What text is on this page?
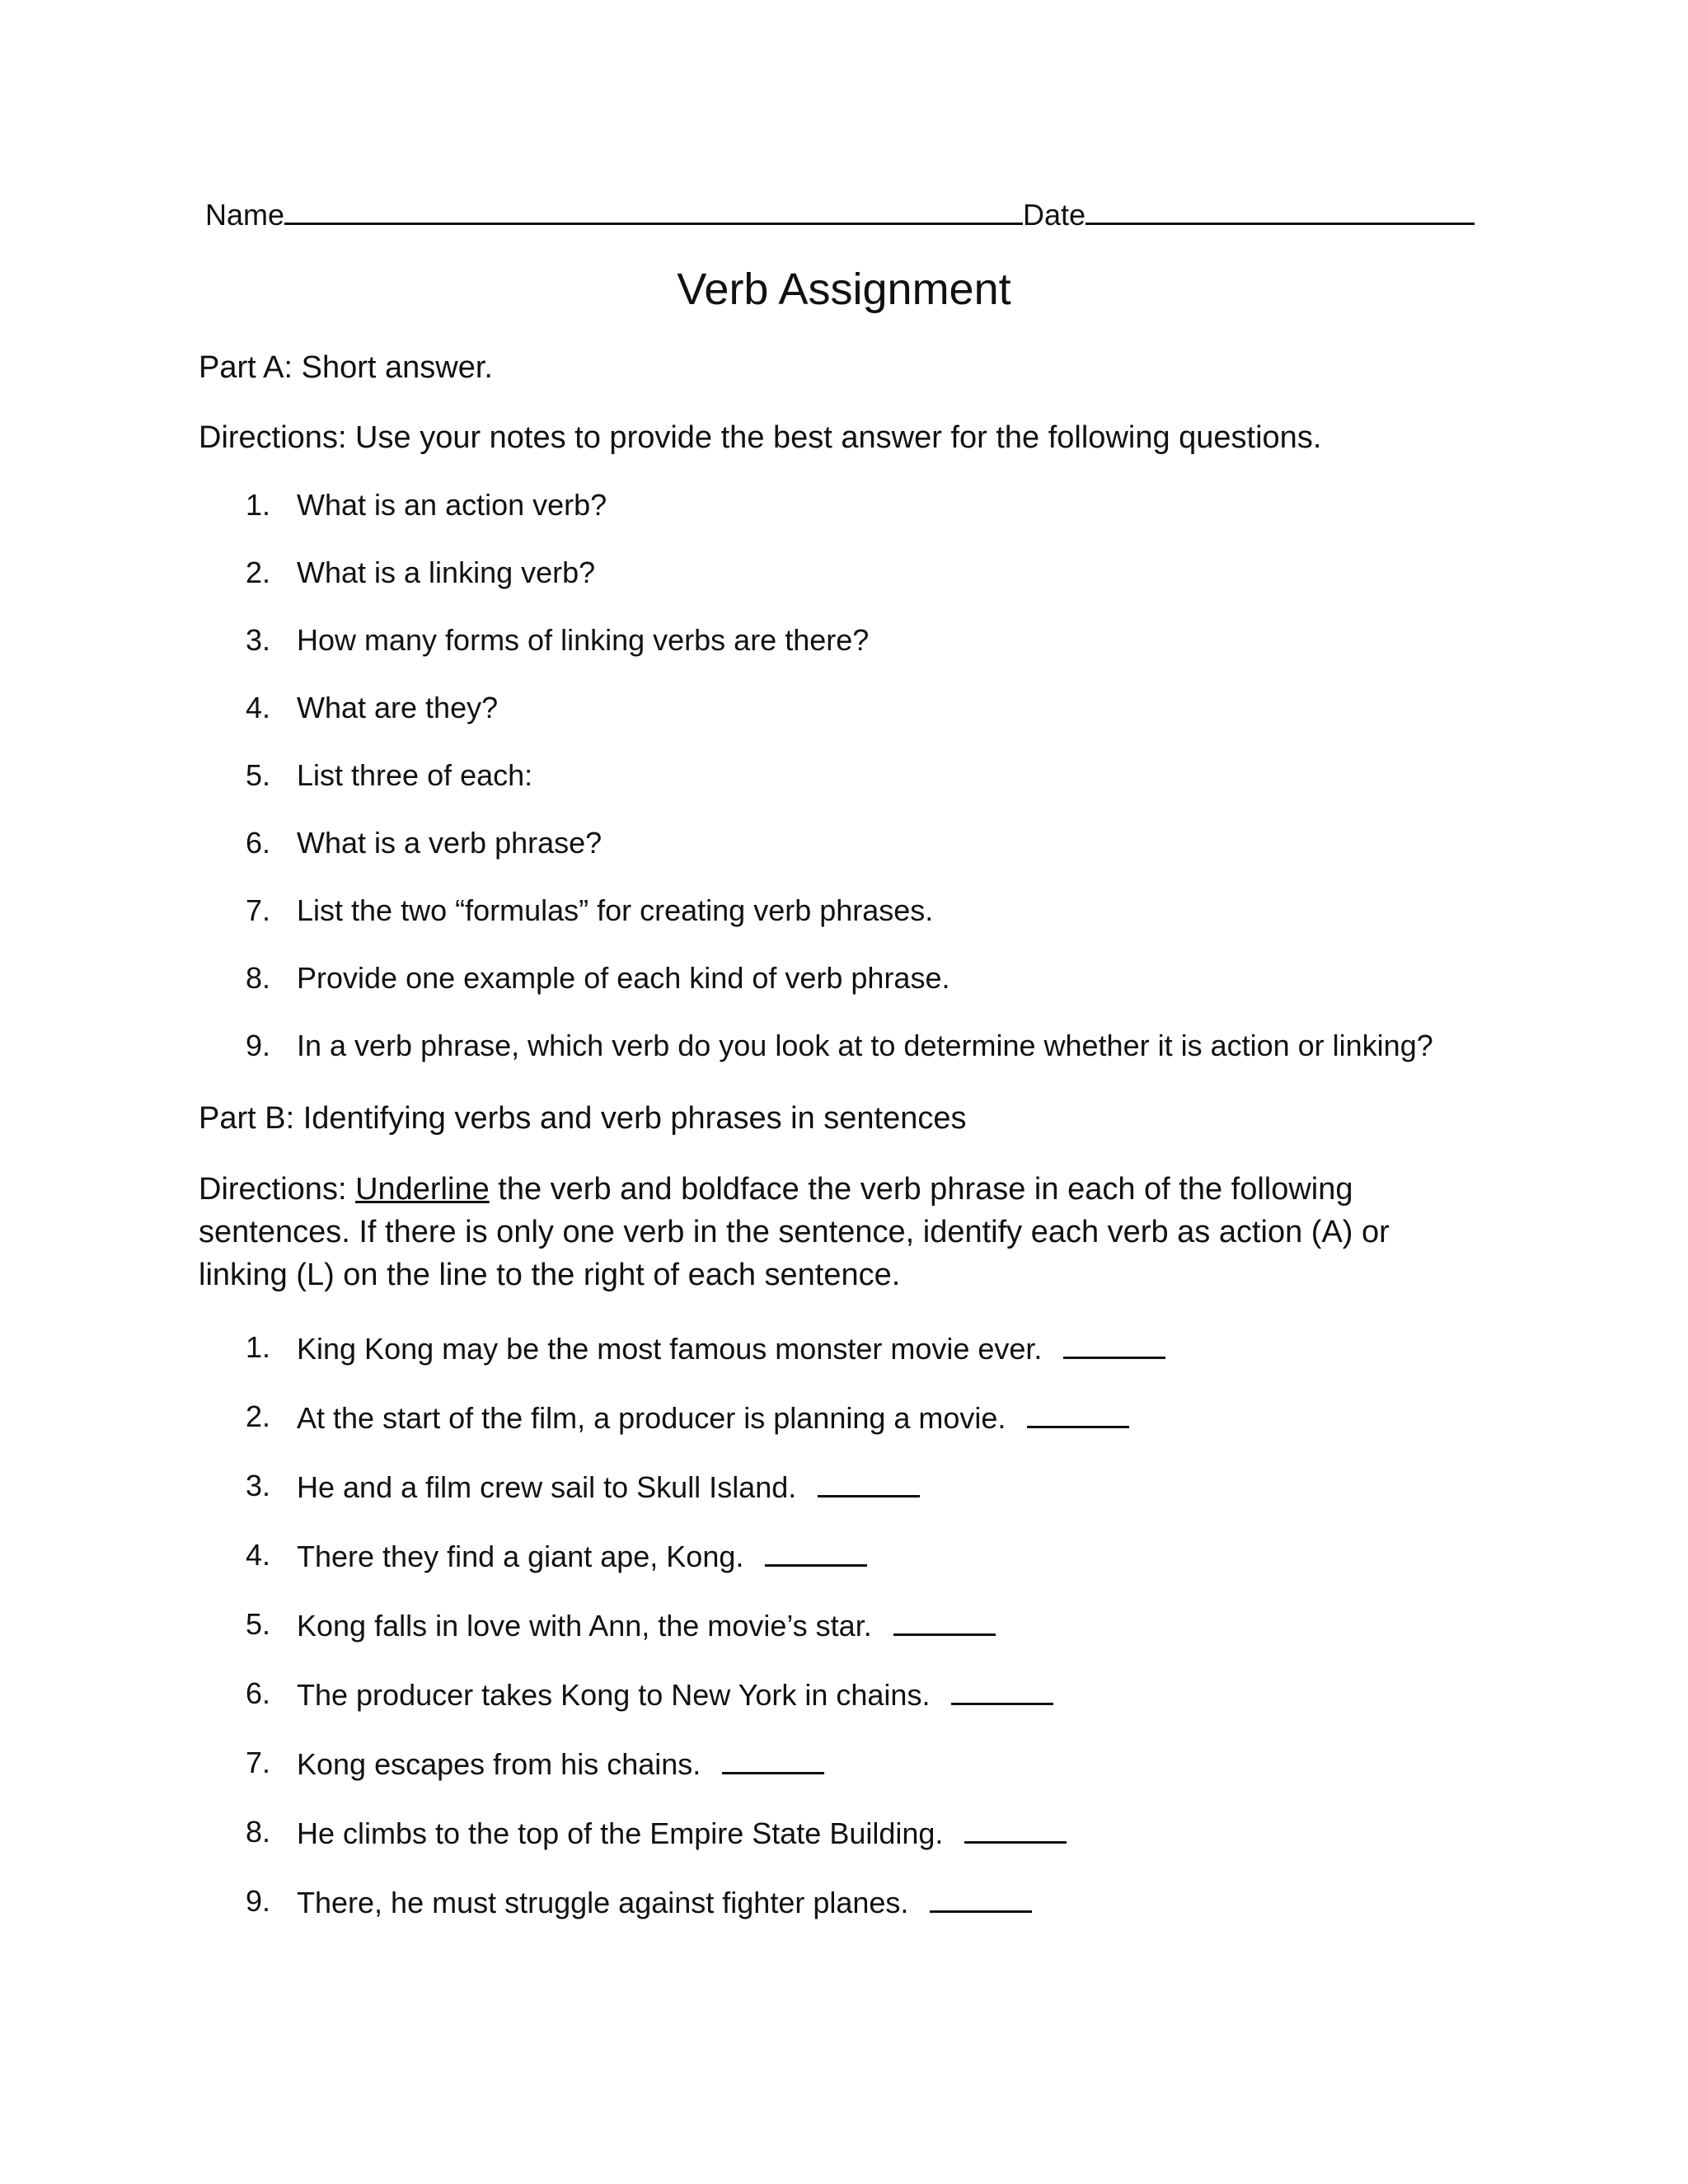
Name	Date
Verb Assignment
Part A: Short answer.
Directions: Use your notes to provide the best answer for the following questions.
1. What is an action verb?
2. What is a linking verb?
3. How many forms of linking verbs are there?
4. What are they?
5. List three of each:
6. What is a verb phrase?
7. List the two “formulas” for creating verb phrases.
8. Provide one example of each kind of verb phrase.
9. In a verb phrase, which verb do you look at to determine whether it is action or linking?
Part B: Identifying verbs and verb phrases in sentences
Directions: Underline the verb and boldface the verb phrase in each of the following sentences. If there is only one verb in the sentence, identify each verb as action (A) or linking (L) on the line to the right of each sentence.
1. King Kong may be the most famous monster movie ever.
2. At the start of the film, a producer is planning a movie.
3. He and a film crew sail to Skull Island.
4. There they find a giant ape, Kong.
5. Kong falls in love with Ann, the movie’s star.
6. The producer takes Kong to New York in chains.
7. Kong escapes from his chains.
8. He climbs to the top of the Empire State Building.
9. There, he must struggle against fighter planes.
